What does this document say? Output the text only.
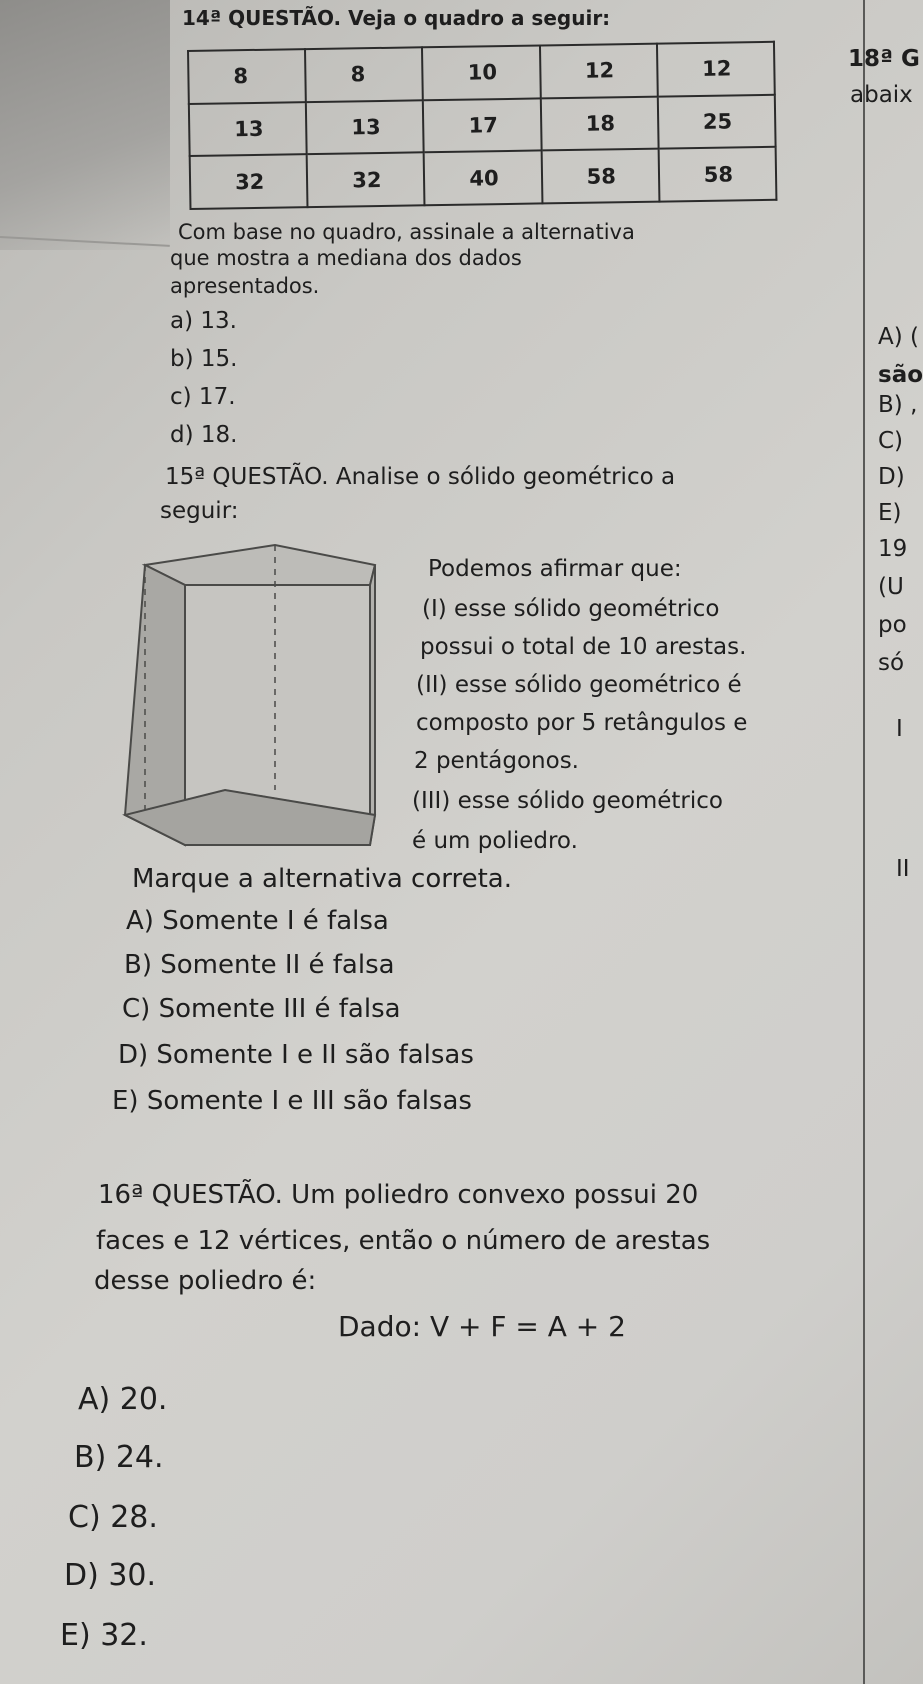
14ª QUESTÃO. Veja o quadro a seguir:
8	8	10	12	12
13	13	17	18	25
32	32	40	58	58
Com base no quadro, assinale a alternativa
que mostra a mediana dos dados
apresentados.
a) 13.
b) 15.
c) 17.
d) 18.
15ª QUESTÃO. Analise o sólido geométrico a
seguir:
Podemos afirmar que:
(I) esse sólido geométrico
possui o total de 10 arestas.
(II) esse sólido geométrico é
composto por 5 retângulos e
2 pentágonos.
(III) esse sólido geométrico
é um poliedro.
Marque a alternativa correta.
A) Somente I é falsa
B) Somente II é falsa
C) Somente III é falsa
D) Somente I e II são falsas
E) Somente I e III são falsas
16ª QUESTÃO. Um poliedro convexo possui 20
faces e 12 vértices, então o número de arestas
desse poliedro é:
Dado: V + F = A + 2
A) 20.
B) 24.
C) 28.
D) 30.
E) 32.
18ª G
abaix
A) (
são
B) ,
C)
D)
E)
19
(U
po
só
I
II
